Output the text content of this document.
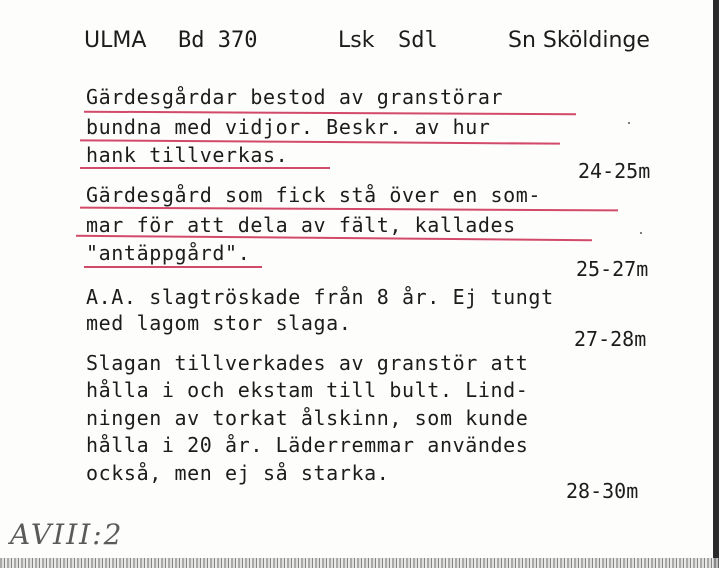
ULMA Bd 370	Lsk Sdl	Sn Sköldinge
Gärdesgårdar bestod av granstörar
bundna med vidjor. Beskr. av hur
hank tillverkas.
24-25m
Gärdesgård som fick stå över en som-
mar för att dela av fält, kallades
"antäppgård".
25-27m
A.A. slagtröskade från 8 år. Ej tungt
med lagom stor slaga.
27-28m
Slagan tillverkades av granstör att
hålla i och ekstam till bult. Lind-
ningen av torkat ålskinn, som kunde
hålla i 20 år. Läderremmar användes
också, men ej så starka.
28-30m
AVIII:2
